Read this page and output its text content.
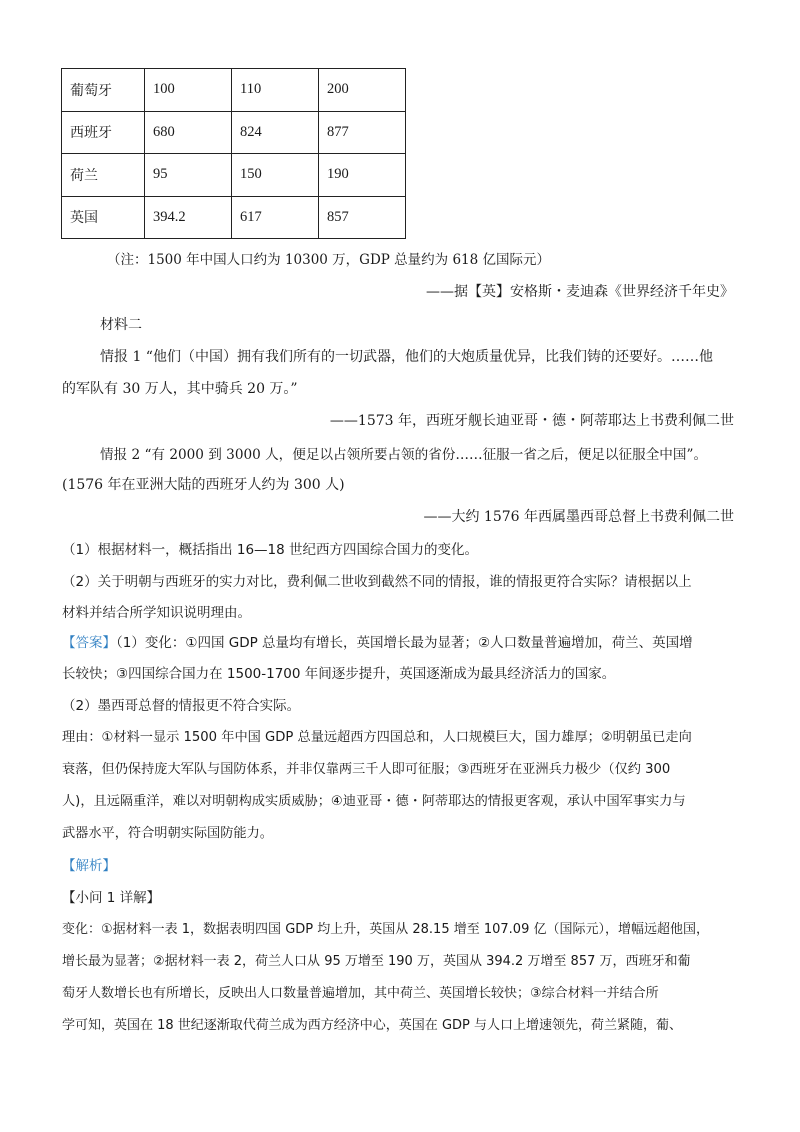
葡萄牙	100	110	200
西班牙	680	824	877
荷兰	95	150	190
英国	394.2	617	857
（注：1500 年中国人口约为 10300 万，GDP 总量约为 618 亿国际元）
——据【英】安格斯・麦迪森《世界经济千年史》
材料二
情报 1 “他们（中国）拥有我们所有的一切武器，他们的大炮质量优异，比我们铸的还要好。……他
的军队有 30 万人，其中骑兵 20 万。”
——1573 年，西班牙舰长迪亚哥・德・阿蒂耶达上书费利佩二世
情报 2 “有 2000 到 3000 人，便足以占领所要占领的省份……征服一省之后，便足以征服全中国”。
(1576 年在亚洲大陆的西班牙人约为 300 人)
——大约 1576 年西属墨西哥总督上书费利佩二世
（1）根据材料一，概括指出 16—18 世纪西方四国综合国力的变化。
（2）关于明朝与西班牙的实力对比，费利佩二世收到截然不同的情报，谁的情报更符合实际？请根据以上
材料并结合所学知识说明理由。
【答案】（1）变化：①四国 GDP 总量均有增长，英国增长最为显著；②人口数量普遍增加，荷兰、英国增
长较快；③四国综合国力在 1500-1700 年间逐步提升，英国逐渐成为最具经济活力的国家。
（2）墨西哥总督的情报更不符合实际。
理由：①材料一显示 1500 年中国 GDP 总量远超西方四国总和，人口规模巨大，国力雄厚；②明朝虽已走向
衰落，但仍保持庞大军队与国防体系，并非仅靠两三千人即可征服；③西班牙在亚洲兵力极少（仅约 300
人)，且远隔重洋，难以对明朝构成实质威胁；④迪亚哥・德・阿蒂耶达的情报更客观，承认中国军事实力与
武器水平，符合明朝实际国防能力。
【解析】
【小问 1 详解】
变化：①据材料一表 1，数据表明四国 GDP 均上升，英国从 28.15 增至 107.09 亿（国际元），增幅远超他国，
增长最为显著；②据材料一表 2，荷兰人口从 95 万增至 190 万，英国从 394.2 万增至 857 万，西班牙和葡
萄牙人数增长也有所增长，反映出人口数量普遍增加，其中荷兰、英国增长较快；③综合材料一并结合所
学可知，英国在 18 世纪逐渐取代荷兰成为西方经济中心，英国在 GDP 与人口上增速领先，荷兰紧随，葡、
